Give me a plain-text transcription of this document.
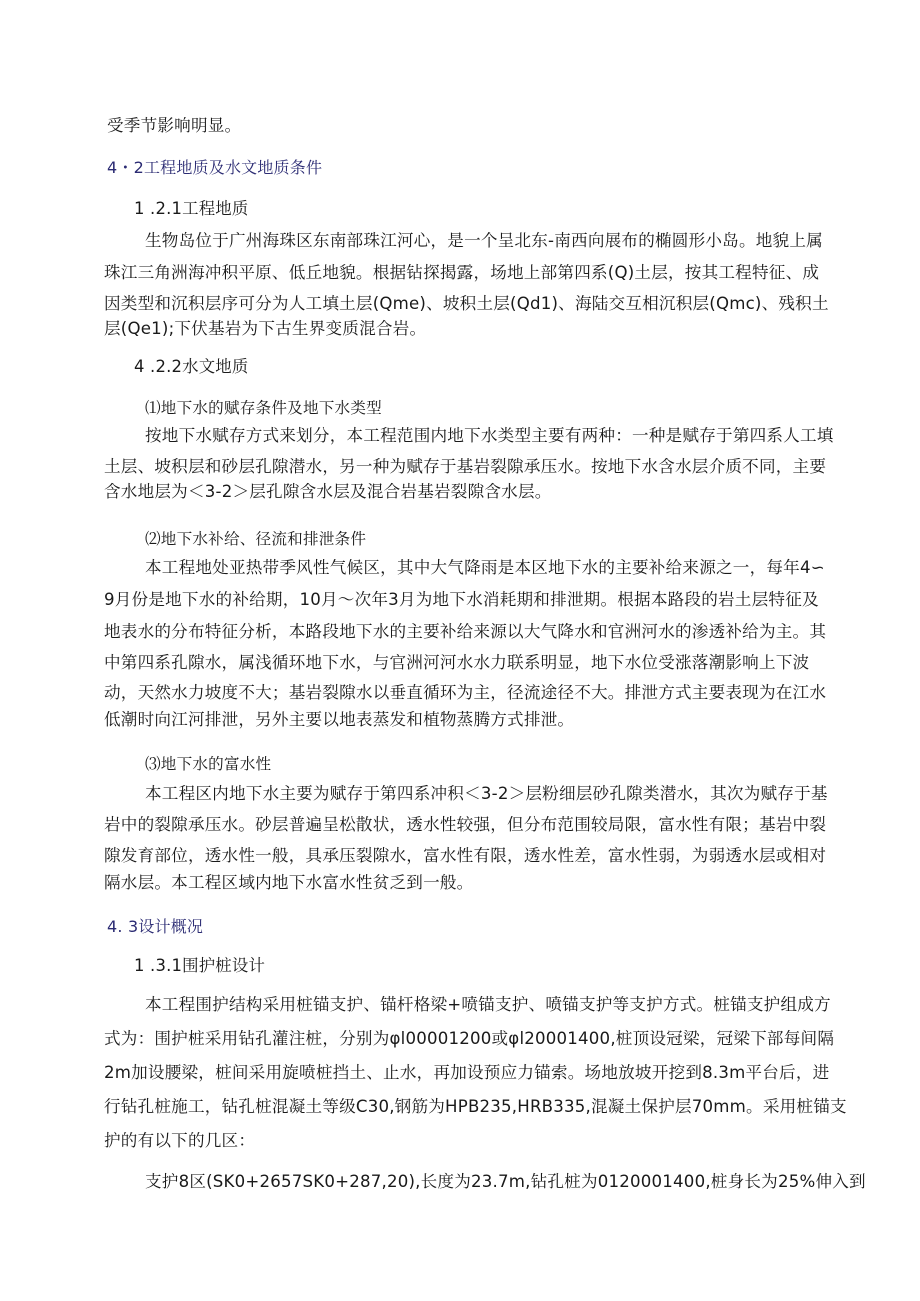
受季节影响明显。
4・2工程地质及水文地质条件
1 .2.1工程地质
生物岛位于广州海珠区东南部珠江河心，是一个呈北东-南西向展布的椭圆形小岛。地貌上属
珠江三角洲海冲积平原、低丘地貌。根据钻探揭露，场地上部第四系(Q)土层，按其工程特征、成
因类型和沉积层序可分为人工填土层(Qme)、坡积土层(Qd1)、海陆交互相沉积层(Qmc)、残积土
层(Qe1);下伏基岩为下古生界变质混合岩。
4 .2.2水文地质
⑴地下水的赋存条件及地下水类型
按地下水赋存方式来划分，本工程范围内地下水类型主要有两种：一种是赋存于第四系人工填
土层、坡积层和砂层孔隙潜水，另一种为赋存于基岩裂隙承压水。按地下水含水层介质不同，主要
含水地层为＜3-2＞层孔隙含水层及混合岩基岩裂隙含水层。
⑵地下水补给、径流和排泄条件
本工程地处亚热带季风性气候区，其中大气降雨是本区地下水的主要补给来源之一，每年4∽
9月份是地下水的补给期，10月～次年3月为地下水消耗期和排泄期。根据本路段的岩土层特征及
地表水的分布特征分析，本路段地下水的主要补给来源以大气降水和官洲河水的渗透补给为主。其
中第四系孔隙水，属浅循环地下水，与官洲河河水水力联系明显，地下水位受涨落潮影响上下波
动，天然水力坡度不大；基岩裂隙水以垂直循环为主，径流途径不大。排泄方式主要表现为在江水
低潮时向江河排泄，另外主要以地表蒸发和植物蒸腾方式排泄。
⑶地下水的富水性
本工程区内地下水主要为赋存于第四系冲积＜3-2＞层粉细层砂孔隙类潜水，其次为赋存于基
岩中的裂隙承压水。砂层普遍呈松散状，透水性较强，但分布范围较局限，富水性有限；基岩中裂
隙发育部位，透水性一般，具承压裂隙水，富水性有限，透水性差，富水性弱，为弱透水层或相对
隔水层。本工程区域内地下水富水性贫乏到一般。
4. 3设计概况
1 .3.1围护桩设计
本工程围护结构采用桩锚支护、锚杆格梁+喷锚支护、喷锚支护等支护方式。桩锚支护组成方
式为：围护桩采用钻孔灌注桩，分别为φl00001200或φl20001400,桩顶设冠梁，冠梁下部每间隔
2m加设腰梁，桩间采用旋喷桩挡土、止水，再加设预应力锚索。场地放坡开挖到8.3m平台后，进
行钻孔桩施工，钻孔桩混凝土等级C30,钢筋为HPB235,HRB335,混凝土保护层70mm。采用桩锚支
护的有以下的几区：
支护8区(SK0+2657SK0+287,20),长度为23.7m,钻孔桩为0120001400,桩身长为25%伸入到
